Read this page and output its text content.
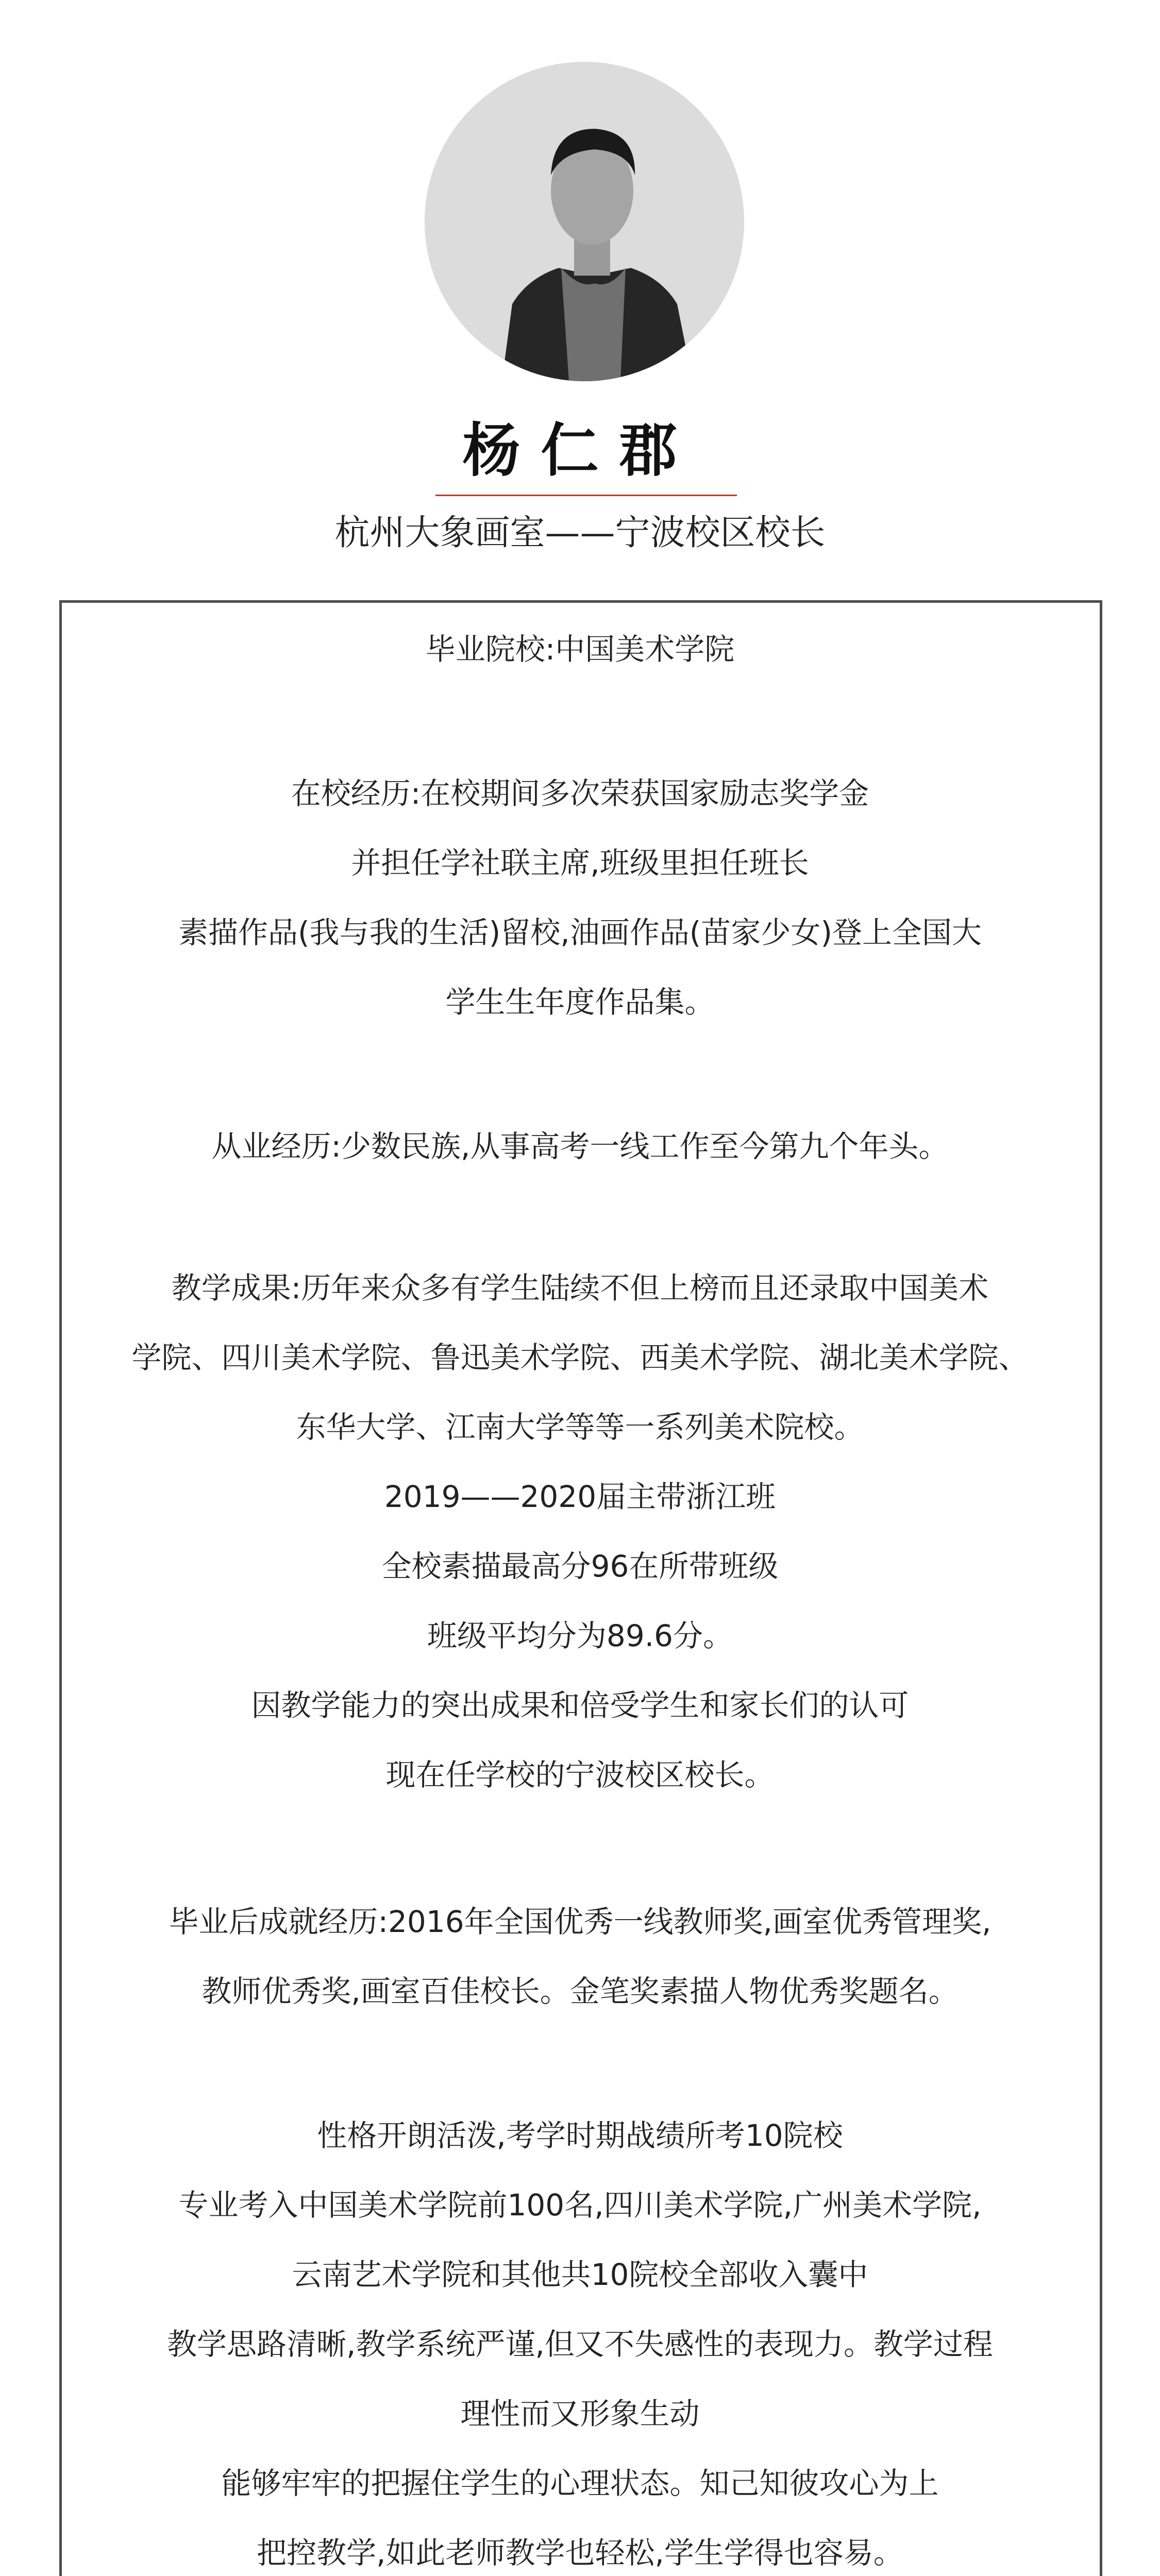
杨仁郡
杭州大象画室——宁波校区校长
毕业院校:中国美术学院
在校经历:在校期间多次荣获国家励志奖学金
并担任学社联主席,班级里担任班长
素描作品(我与我的生活)留校,油画作品(苗家少女)登上全国大
学生生年度作品集。
从业经历:少数民族,从事高考一线工作至今第九个年头。
教学成果:历年来众多有学生陆续不但上榜而且还录取中国美术
学院、四川美术学院、鲁迅美术学院、西美术学院、湖北美术学院、
东华大学、江南大学等等一系列美术院校。
2019——2020届主带浙江班
全校素描最高分96在所带班级
班级平均分为89.6分。
因教学能力的突出成果和倍受学生和家长们的认可
现在任学校的宁波校区校长。
毕业后成就经历:2016年全国优秀一线教师奖,画室优秀管理奖,
教师优秀奖,画室百佳校长。金笔奖素描人物优秀奖题名。
性格开朗活泼,考学时期战绩所考10院校
专业考入中国美术学院前100名,四川美术学院,广州美术学院,
云南艺术学院和其他共10院校全部收入囊中
教学思路清晰,教学系统严谨,但又不失感性的表现力。教学过程
理性而又形象生动
能够牢牢的把握住学生的心理状态。知己知彼攻心为上
把控教学,如此老师教学也轻松,学生学得也容易。
